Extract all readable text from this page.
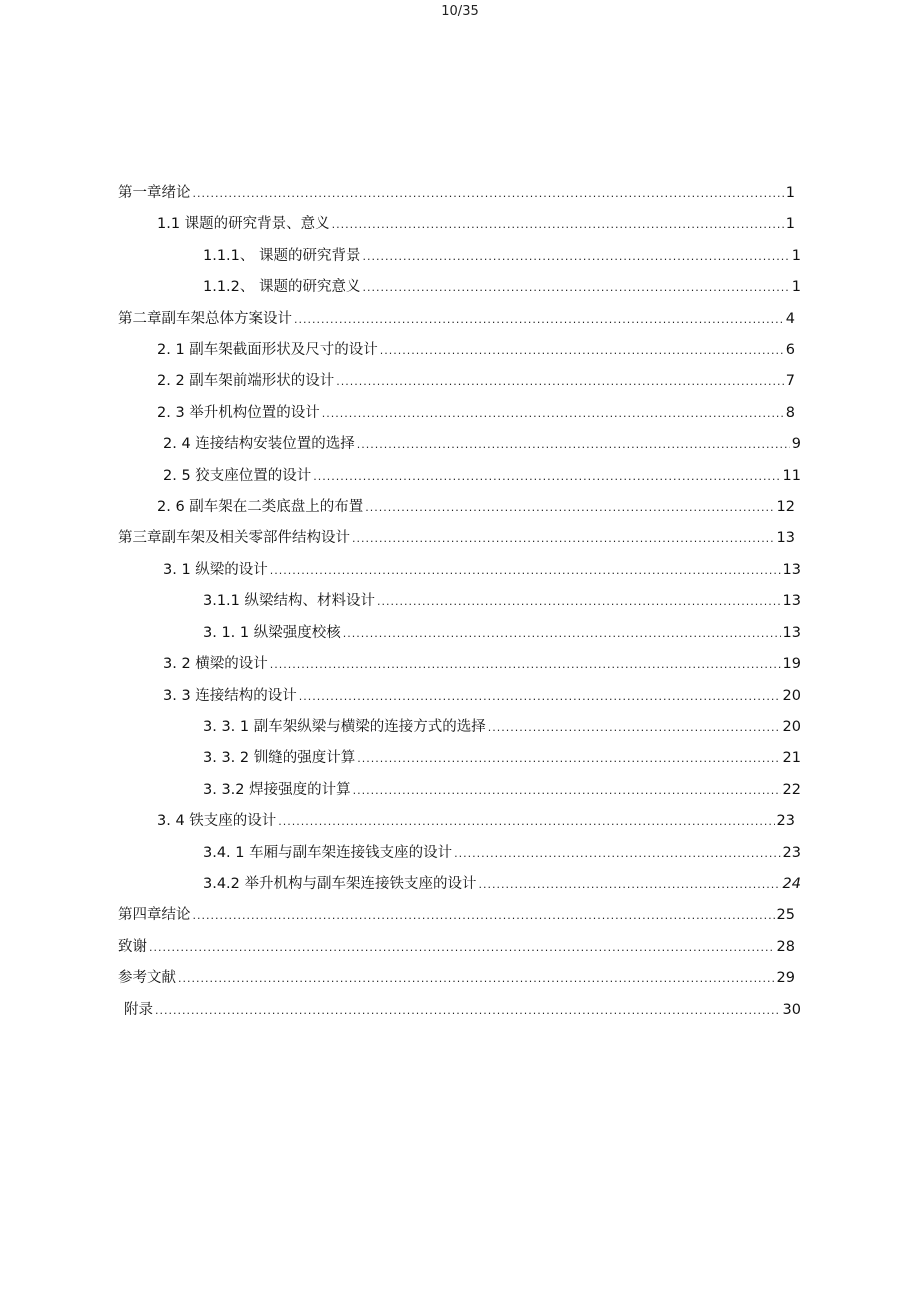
10/35
第一章绪论 .....	1
1.1 课题的研究背景、意义 .....	1
1.1.1、 课题的研究背景 .....	1
1.1.2、 课题的研究意义 .....	1
第二章副车架总体方案设计 .....	4
2. 1 副车架截面形状及尺寸的设计 .....	6
2. 2 副车架前端形状的设计 .....	7
2. 3 举升机构位置的设计 .....	8
2. 4 连接结构安装位置的选择 .....	9
2. 5 狡支座位置的设计 .....	11
2. 6 副车架在二类底盘上的布置 .....	12
第三章副车架及相关零部件结构设计 .....	13
3. 1 纵梁的设计 .....	13
3.1.1 纵梁结构、材料设计 .....	13
3. 1. 1 纵梁强度校核 .....	13
3. 2 横梁的设计 .....	19
3. 3 连接结构的设计 .....	20
3. 3. 1 副车架纵梁与横梁的连接方式的选择 .....	20
3. 3. 2 钏缝的强度计算 .....	21
3. 3.2 焊接强度的计算 .....	22
3. 4 铁支座的设计 .....	23
3.4. 1 车厢与副车架连接钱支座的设计 .....	23
3.4.2 举升机构与副车架连接铁支座的设计 .....	24
第四章结论 .....	25
致谢 .....	28
参考文献 .....	29
附录 .....	30
